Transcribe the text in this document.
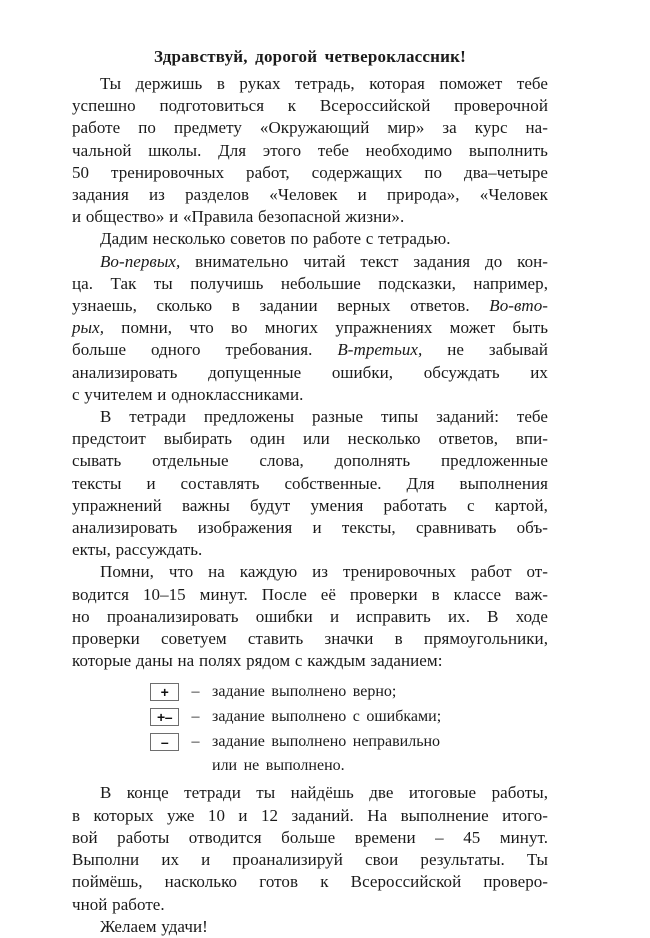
Здравствуй, дорогой четвероклассник!

Ты держишь в руках тетрадь, которая поможет тебе
успешно подготовиться к Всероссийской проверочной
работе по предмету «Окружающий мир» за курс на-
чальной школы. Для этого тебе необходимо выполнить
50 тренировочных работ, содержащих по два–четыре
задания из разделов «Человек и природа», «Человек
и общество» и «Правила безопасной жизни».

Дадим несколько советов по работе с тетрадью.

Во-первых, внимательно читай текст задания до кон-
ца. Так ты получишь небольшие подсказки, например,
узнаешь, сколько в задании верных ответов. Во-вто-
рых, помни, что во многих упражнениях может быть
больше одного требования. В-третьих, не забывай
анализировать допущенные ошибки, обсуждать их
с учителем и одноклассниками.

В тетради предложены разные типы заданий: тебе
предстоит выбирать один или несколько ответов, впи-
сывать отдельные слова, дополнять предложенные
тексты и составлять собственные. Для выполнения
упражнений важны будут умения работать с картой,
анализировать изображения и тексты, сравнивать объ-
екты, рассуждать.

Помни, что на каждую из тренировочных работ от-
водится 10–15 минут. После её проверки в классе важ-
но проанализировать ошибки и исправить их. В ходе
проверки советуем ставить значки в прямоугольники,
которые даны на полях рядом с каждым заданием:

+	– задание выполнено верно;
+–	– задание выполнено с ошибками;
–	– задание выполнено неправильно
или не выполнено.

В конце тетради ты найдёшь две итоговые работы,
в которых уже 10 и 12 заданий. На выполнение итого-
вой работы отводится больше времени – 45 минут.
Выполни их и проанализируй свои результаты. Ты
поймёшь, насколько готов к Всероссийской проверо-
чной работе.

Желаем удачи!
